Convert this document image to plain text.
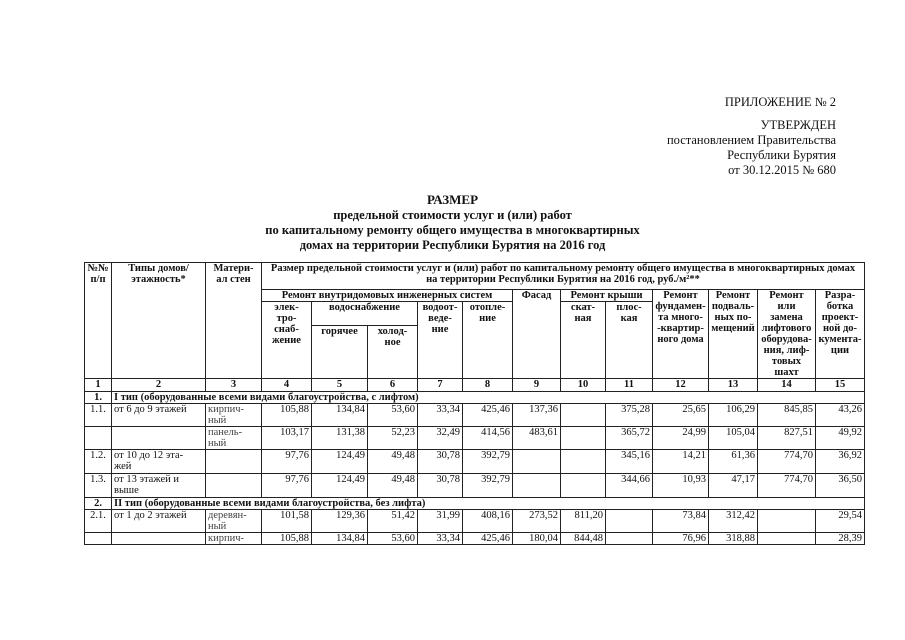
ПРИЛОЖЕНИЕ № 2
УТВЕРЖДЕН
постановлением Правительства
Республики Бурятия
от 30.12.2015 № 680
РАЗМЕР
предельной стоимости услуг и (или) работ
по капитальному ремонту общего имущества в многоквартирных
домах на территории Республики Бурятия на 2016 год
№№ п/п	Типы домов/ этажность*	Матери- ал стен	Размер предельной стоимости услуг и (или) работ по капитальному ремонту общего имущества в многоквартирных домах на территории Республики Бурятия на 2016 год, руб./м²**											
			Ремонт внутридомовых инженерных систем					Фасад	Ремонт крыши		Ремонт фундамен- та много- -квартир- ного дома	Ремонт подваль- ных по- мещений	Ремонт или замена лифтового оборудова- ния, лиф- товых шахт	Разра- ботка проект- ной до- кумента- ции
			элек- тро- снаб- жение	водоснабжение		водоот- веде- ние	отопле- ние		скат- ная	плос- кая				
				горячее	холод- ное									
1	2	3	4	5	6	7	8	9	10	11	12	13	14	15
1.	I тип (оборудованные всеми видами благоустройства, с лифтом)													
1.1.	от 6 до 9 этажей	кирпич- ный	105,88	134,84	53,60	33,34	425,46	137,36		375,28	25,65	106,29	845,85	43,26
		панель- ный	103,17	131,38	52,23	32,49	414,56	483,61		365,72	24,99	105,04	827,51	49,92
1.2.	от 10 до 12 эта- жей		97,76	124,49	49,48	30,78	392,79			345,16	14,21	61,36	774,70	36,92
1.3.	от 13 этажей и выше		97,76	124,49	49,48	30,78	392,79			344,66	10,93	47,17	774,70	36,50
2.	II тип (оборудованные всеми видами благоустройства, без лифта)													
2.1.	от 1 до 2 этажей	деревян- ный	101,58	129,36	51,42	31,99	408,16	273,52	811,20		73,84	312,42		29,54
		кирпич-	105,88	134,84	53,60	33,34	425,46	180,04	844,48		76,96	318,88		28,39
